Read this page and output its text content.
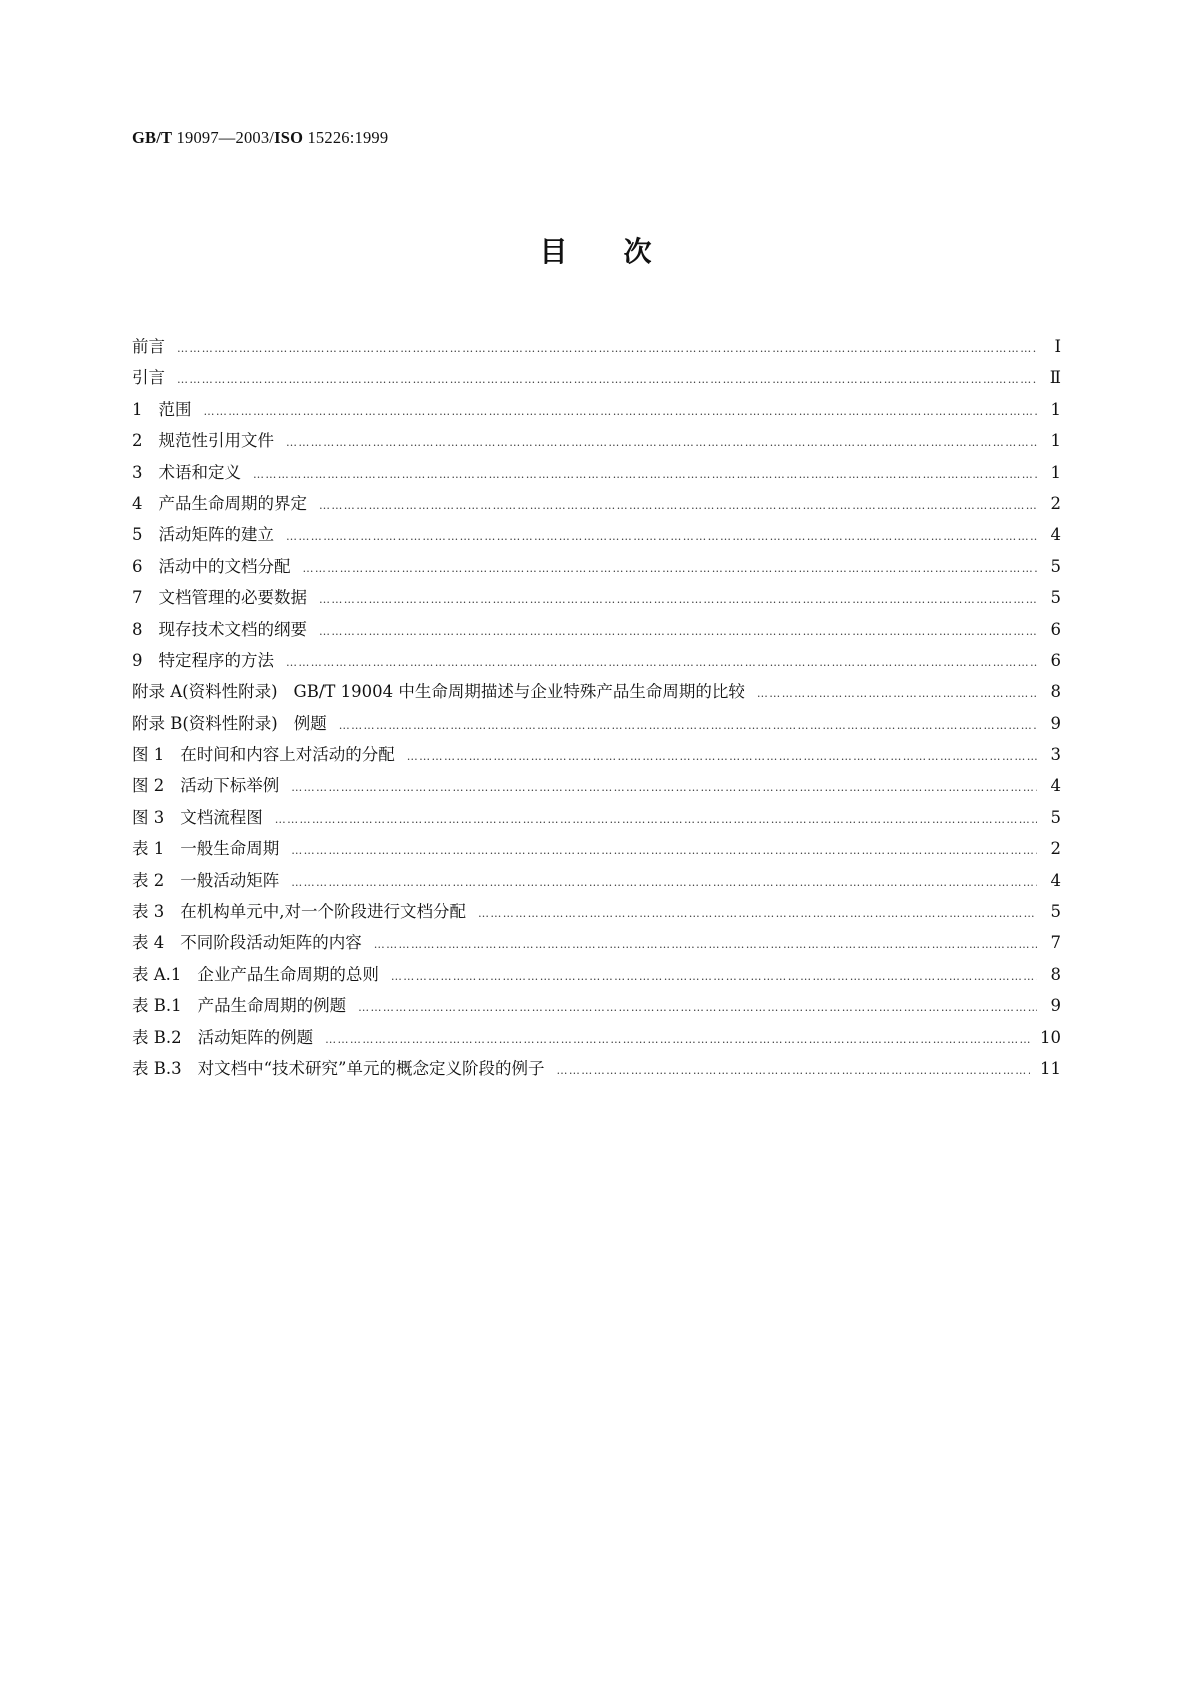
GB/T 19097—2003/ISO 15226:1999
目次
前言 ……………………………………………………………………………………………………………………………………………………………………………………………………	Ⅰ
引言 ……………………………………………………………………………………………………………………………………………………………………………………………………	Ⅱ
1 范围 ……………………………………………………………………………………………………………………………………………………………………………………………………	1
2 规范性引用文件 ……………………………………………………………………………………………………………………………………………………………………………………………………	1
3 术语和定义 ……………………………………………………………………………………………………………………………………………………………………………………………………	1
4 产品生命周期的界定 ……………………………………………………………………………………………………………………………………………………………………………………………………	2
5 活动矩阵的建立 ……………………………………………………………………………………………………………………………………………………………………………………………………	4
6 活动中的文档分配 ……………………………………………………………………………………………………………………………………………………………………………………………………	5
7 文档管理的必要数据 ……………………………………………………………………………………………………………………………………………………………………………………………………	5
8 现存技术文档的纲要 ……………………………………………………………………………………………………………………………………………………………………………………………………	6
9 特定程序的方法 ……………………………………………………………………………………………………………………………………………………………………………………………………	6
附录 A(资料性附录) GB/T 19004 中生命周期描述与企业特殊产品生命周期的比较 ……………………………………………………………………………………………………………………………………………………………………………………………………	8
附录 B(资料性附录) 例题 ……………………………………………………………………………………………………………………………………………………………………………………………………	9
图 1 在时间和内容上对活动的分配 ……………………………………………………………………………………………………………………………………………………………………………………………………	3
图 2 活动下标举例 ……………………………………………………………………………………………………………………………………………………………………………………………………	4
图 3 文档流程图 ……………………………………………………………………………………………………………………………………………………………………………………………………	5
表 1 一般生命周期 ……………………………………………………………………………………………………………………………………………………………………………………………………	2
表 2 一般活动矩阵 ……………………………………………………………………………………………………………………………………………………………………………………………………	4
表 3 在机构单元中,对一个阶段进行文档分配 ……………………………………………………………………………………………………………………………………………………………………………………………………	5
表 4 不同阶段活动矩阵的内容 ……………………………………………………………………………………………………………………………………………………………………………………………………	7
表 A.1 企业产品生命周期的总则 ……………………………………………………………………………………………………………………………………………………………………………………………………	8
表 B.1 产品生命周期的例题 ……………………………………………………………………………………………………………………………………………………………………………………………………	9
表 B.2 活动矩阵的例题 ……………………………………………………………………………………………………………………………………………………………………………………………………	10
表 B.3 对文档中“技术研究”单元的概念定义阶段的例子 ……………………………………………………………………………………………………………………………………………………………………………………………………	11
